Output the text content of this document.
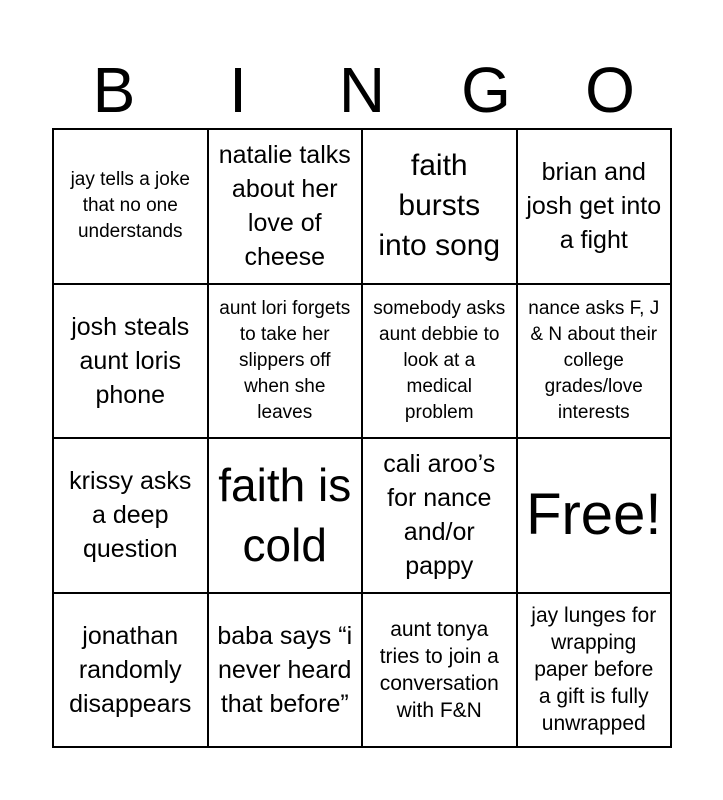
B	I	N	G	O
jay tells a joke that no one understands
natalie talks about her love of cheese
faith bursts into song
brian and josh get into a fight
josh steals aunt loris phone
aunt lori forgets to take her slippers off when she leaves
somebody asks aunt debbie to look at a medical problem
nance asks F, J & N about their college grades/love interests
krissy asks a deep question
faith is cold
cali aroo’s for nance and/or pappy
Free!
jonathan randomly disappears
baba says “i never heard that before”
aunt tonya tries to join a conversation with F&N
jay lunges for wrapping paper before a gift is fully unwrapped
